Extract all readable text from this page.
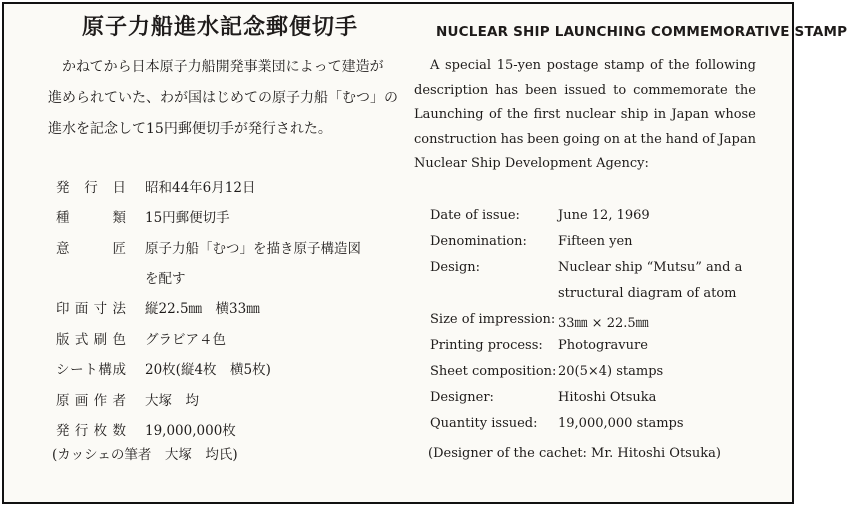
原子力船進水記念郵便切手
かねてから日本原子力船開発事業団によって建造が
進められていた、わが国はじめての原子力船「むつ」の
進水を記念して15円郵便切手が発行された。
発 行 日 昭和44年6月12日
種	類 15円郵便切手
意	匠 原子力船「むつ」を描き原子構造図
を配す
印 面 寸 法 縦22.5㎜　横33㎜
版 式 刷 色 グラビア４色
シ ー ト 構 成 20枚(縦4枚　横5枚)
原 画 作 者 大塚　均
発 行 枚 数 19,000,000枚
(カッシェの筆者　大塚　均氏)
NUCLEAR SHIP LAUNCHING COMMEMORATIVE STAMP
A special 15-yen postage stamp of the following
description has been issued to commemorate the
Launching of the first nuclear ship in Japan whose
construction has been going on at the hand of Japan
Nuclear Ship Development Agency:
Date of issue:	June 12, 1969
Denomination: Fifteen yen
Design:	Nuclear ship “Mutsu” and a
structural diagram of atom
Size of impression: 33㎜ × 22.5㎜
Printing process: Photogravure
Sheet composition: 20(5×4) stamps
Designer:	Hitoshi Otsuka
Quantity issued: 19,000,000 stamps
(Designer of the cachet: Mr. Hitoshi Otsuka)
